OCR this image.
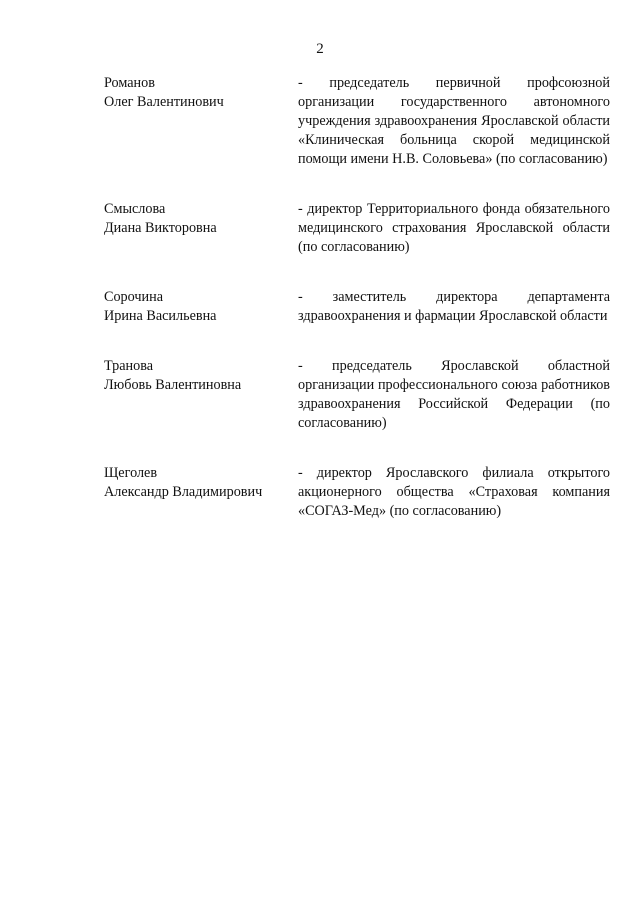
2
Романов
Олег Валентинович
- председатель первичной профсоюзной организации государственного автономного учреждения здравоохранения Ярославской области «Клиническая больница скорой медицинской помощи имени Н.В. Соловьева» (по согласованию)
Смыслова
Диана Викторовна
- директор Территориального фонда обязательного медицинского страхования Ярославской области (по согласованию)
Сорочина
Ирина Васильевна
- заместитель директора департамента здравоохранения и фармации Ярославской области
Транова
Любовь Валентиновна
- председатель Ярославской областной организации профессионального союза работников здравоохранения Российской Федерации (по согласованию)
Щеголев
Александр Владимирович
- директор Ярославского филиала открытого акционерного общества «Страховая компания «СОГАЗ-Мед» (по согласованию)
